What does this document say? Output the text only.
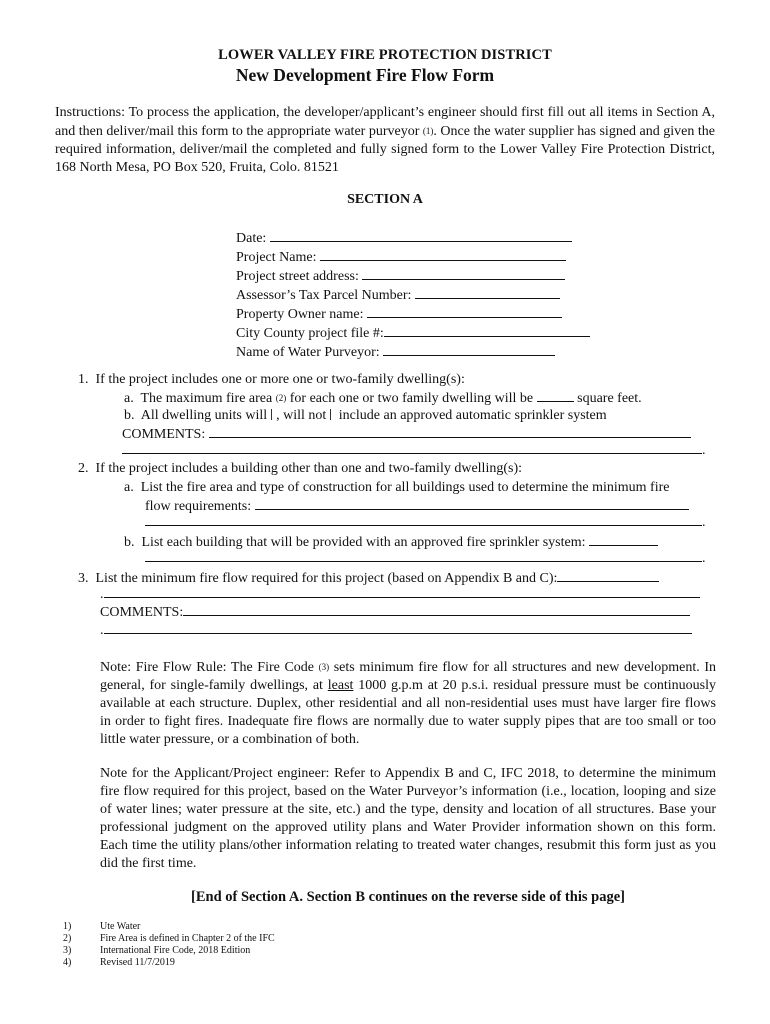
LOWER VALLEY FIRE PROTECTION DISTRICT
New Development Fire Flow Form
Instructions: To process the application, the developer/applicant’s engineer should first fill out all items in Section A, and then deliver/mail this form to the appropriate water purveyor (1). Once the water supplier has signed and given the required information, deliver/mail the completed and fully signed form to the Lower Valley Fire Protection District, 168 North Mesa, PO Box 520, Fruita, Colo. 81521
SECTION A
Date:
Project Name:
Project street address:
Assessor’s Tax Parcel Number:
Property Owner name:
City County project file #:
Name of Water Purveyor:
1. If the project includes one or more one or two-family dwelling(s):
a. The maximum fire area (2) for each one or two family dwelling will be	square feet.
b. All dwelling units will , will not include an approved automatic sprinkler system
COMMENTS:
.
2. If the project includes a building other than one and two-family dwelling(s):
a. List the fire area and type of construction for all buildings used to determine the minimum fire
flow requirements:
.
b. List each building that will be provided with an approved fire sprinkler system:
.
3. List the minimum fire flow required for this project (based on Appendix B and C):
.
COMMENTS:
.
Note: Fire Flow Rule: The Fire Code (3) sets minimum fire flow for all structures and new development. In general, for single-family dwellings, at least 1000 g.p.m at 20 p.s.i. residual pressure must be continuously available at each structure. Duplex, other residential and all non-residential uses must have larger fire flows in order to fight fires. Inadequate fire flows are normally due to water supply pipes that are too small or too little water pressure, or a combination of both.
Note for the Applicant/Project engineer: Refer to Appendix B and C, IFC 2018, to determine the minimum fire flow required for this project, based on the Water Purveyor’s information (i.e., location, looping and size of water lines; water pressure at the site, etc.) and the type, density and location of all structures. Base your professional judgment on the approved utility plans and Water Provider information shown on this form. Each time the utility plans/other information relating to treated water changes, resubmit this form just as you did the first time.
[End of Section A. Section B continues on the reverse side of this page]
1)	Ute Water
2)	Fire Area is defined in Chapter 2 of the IFC
3)	International Fire Code, 2018 Edition
4)	Revised 11/7/2019
